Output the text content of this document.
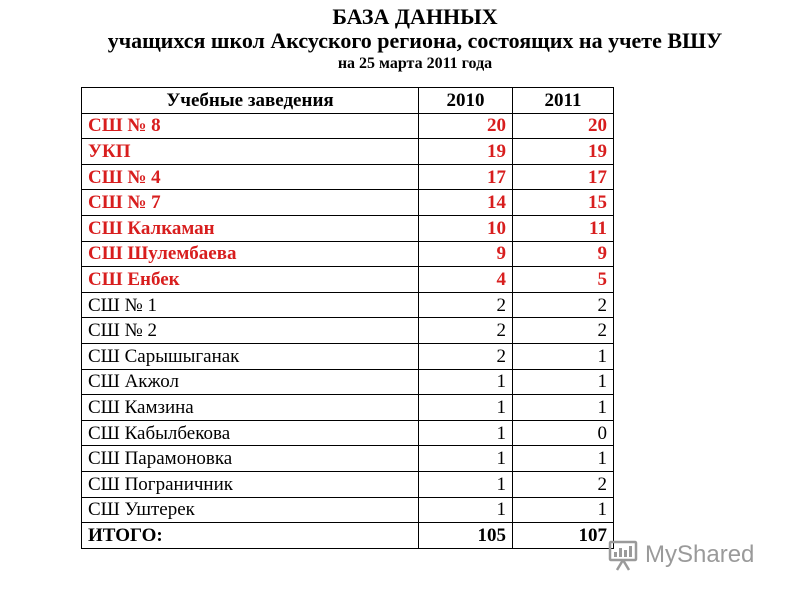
БАЗА ДАННЫХ
учащихся школ Аксуского региона, состоящих на учете ВШУ
на 25 марта 2011 года
Учебные заведения	2010	2011
СШ № 8	20	20
УКП	19	19
СШ № 4	17	17
СШ № 7	14	15
СШ Калкаман	10	11
СШ Шулембаева	9	9
СШ Енбек	4	5
СШ № 1	2	2
СШ № 2	2	2
СШ Сарышыганак	2	1
СШ Акжол	1	1
СШ Камзина	1	1
СШ Кабылбекова	1	0
СШ Парамоновка	1	1
СШ Пограничник	1	2
СШ Уштерек	1	1
ИТОГО:	105	107
MyShared
